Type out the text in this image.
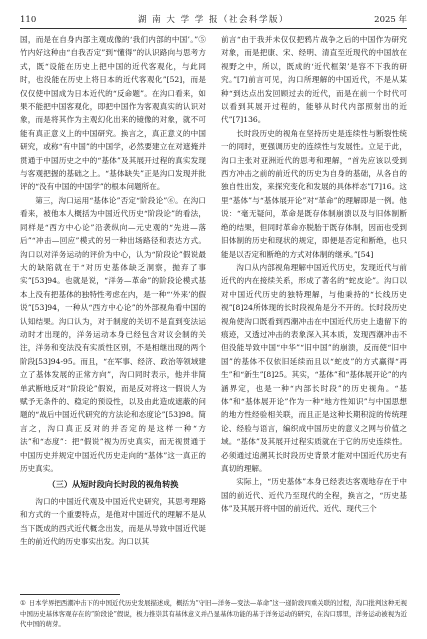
110	湖 南 大 学 学 报（社会科学版）	2025 年

国，而是在自身内部主观成像的‘我们内部的中国’。”⑤竹内好这种由“自我否定”到“懂得”的认识路向与思考方式，既“设能在历史上把中国的近代客观化，与此同时，也没能在历史上将日本的近代客观化”[52]，而是仅仅使中国成为日本近代的“反命题”。在沟口看来，如果不能把中国客观化，即把中国作为客观真实的认识对象，而是将其作为主观幻化出来的镜像的对象，就不可能有真正意义上的中国研究。换言之，真正意义的中国研究，或称“有中国”的中国学，必然要建立在对遮掩并贯通于中国历史之中的“基体”及其展开过程的真实发现与客观把握的基础之上。“基体缺失”正是沟口发现并批评的“没有中国的中国学”的根本问题所在。

第三，沟口运用“基体论”否定“阶段论”⑥。在沟口看来，被他本人概括为中国近代历史“阶段论”的看法，同样是“西方中心论”沿袭纵向—元史观的“先进—落后”“冲击—回应”模式的另一种出场路径和表达方式。沟口以对洋务运动的评价为中心，认为“阶段论”假说最大的缺陷就在于“对历史基体缺乏洞察，抛弃了事实”[53]94。也就是说，“洋务—革命”的阶段论模式基本上没有把基体的独特性考虑在内，是一种“‘外来’的假说”[53]94，一种从“西方中心论”的外部视角看中国的认知结果。沟口认为，对于制度的关切不是直到变法运动时才出现的，洋务运动本身已经包含对议会制的关注，洋务和变法没有实质性区别，不是相继出现的两个阶段[53]94-95。而且，“在军事、经济、政治等领域建立了基体发展的正常方向”，沟口同时表示，他并非简单武断地反对“阶段论”假说，而是反对将这一假说人为赋予无条件的、稳定的预设性，以及由此造成遮蔽的问题的“战后中国近代研究的方法论和态度论”[53]98。简言之，沟口真正反对的并否定的是这样一种“方法”和“态度”：把“假说”视为历史真实，而无视贯通于中国历史并规定中国近代历史走向的“基体”这一真正的历史真实。

（三）从短时段向长时段的视角转换

沟口的中国近代观及中国近代史研究，其思考理路和方式的一个重要特点，是他对中国近代的理解不是从当下既成的西式近代概念出发，而是从导致中国近代诞生的前近代的历史事实出发。沟口以其

前言“由于我并未仅仅把鸦片战争之后的中国作为研究对象，而是把康、宋、经明、清直至近现代的中国放在视野之中，所以，既成的‘近代框架’是容不下我的研究。”[7]前言可见，沟口所理解的中国近代，不是从某种“到达点出发回顾过去的近代，而是在前一个时代可以看到其展开过程的，能够从时代内部照射出的近代”[7]136。

长时段历史的视角在坚持历史是连续性与断裂性统一的同时，更强调历史的连续性与发展性。立足于此，沟口主张对亚洲近代的思考和理解，“首先应该以受到西方冲击之前的前近代的历史为自身的基础，从各自的独自性出发，来探究变化和发展的具体样态”[7]16。这里“基体”与“基体展开论”对“革命”的理解即是一例。他说：“毫无疑问，革命是既存体制崩溃以及与旧体制断绝的结果，但同时革命亦脱胎于既存体制，因而也受到旧体制的历史和现状的规定，即便是否定和断绝，也只能是以否定和断绝的方式对体制的继承。”[54]

沟口从内部视角理解中国近代历史，发现近代与前近代的内在接续关系，形成了著名的“蛇皮论”。沟口以对中国近代历史的独特理解，与他秉持的“长线历史视”[8]24所体现的长时段视角是分不开的。长时段历史视角使沟口既看到西潮冲击在中国近代历史上遗留下的痕迹，又透过冲击的表象深入其本质，发现西潮冲击不但没能导致中国“中华”“旧中国”的崩溃，反而使“旧中国”的基体不仅依旧延续而且以“蛇皮”的方式赢得“再生”和“新生”[8]25。其实，“基体”和“基体展开论”的内涵界定，也是一种“内部长时段”的历史视角。“基体”和“基体展开论”作为一种“地方性知识”与中国思想的地方性经验相关联，而且正是这种长期积淀的传统理论、经验与语言，编织成中国历史的意义之网与价值之域。“基体”及其展开过程实质就在于它的历史连续性。必须通过追溯其长时段历史背景才能对中国近代历史有真切的理解。

实际上，“历史基体”本身已经表达客观地存在于中国的前近代、近代乃至现代的全程，换言之，“历史基体”及其展开将中国的前近代、近代、现代三个

① 日本学界把西潮冲击下的中国近代历史发展描述成，概括为“守旧—洋务—变法—革命”这一递阶段四重关联的过程，沟口批判这种无视中国历史基体客观存在的“阶段论”假说，极力推崇其有基体意义并凸显基体功能的基于洋务运动的研究，在沟口那里，洋务运动被视为近代中国的萌芽。
